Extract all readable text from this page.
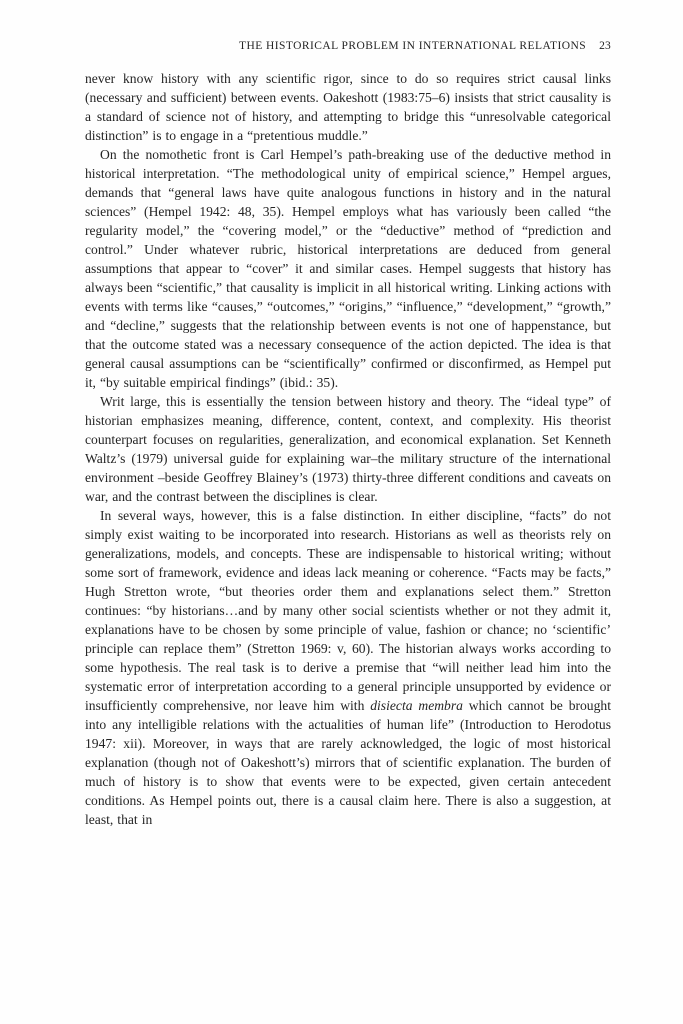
THE HISTORICAL PROBLEM IN INTERNATIONAL RELATIONS 23

never know history with any scientific rigor, since to do so requires strict causal links (necessary and sufficient) between events. Oakeshott (1983:75–6) insists that strict causality is a standard of science not of history, and attempting to bridge this “unresolvable categorical distinction” is to engage in a “pretentious muddle.”

On the nomothetic front is Carl Hempel’s path-breaking use of the deductive method in historical interpretation. “The methodological unity of empirical science,” Hempel argues, demands that “general laws have quite analogous functions in history and in the natural sciences” (Hempel 1942: 48, 35). Hempel employs what has variously been called “the regularity model,” the “covering model,” or the “deductive” method of “prediction and control.” Under whatever rubric, historical interpretations are deduced from general assumptions that appear to “cover” it and similar cases. Hempel suggests that history has always been “scientific,” that causality is implicit in all historical writing. Linking actions with events with terms like “causes,” “outcomes,” “origins,” “influence,” “development,” “growth,” and “decline,” suggests that the relationship between events is not one of happenstance, but that the outcome stated was a necessary consequence of the action depicted. The idea is that general causal assumptions can be “scientifically” confirmed or disconfirmed, as Hempel put it, “by suitable empirical findings” (ibid.: 35).

Writ large, this is essentially the tension between history and theory. The “ideal type” of historian emphasizes meaning, difference, content, context, and complexity. His theorist counterpart focuses on regularities, generalization, and economical explanation. Set Kenneth Waltz’s (1979) universal guide for explaining war–the military structure of the international environment –beside Geoffrey Blainey’s (1973) thirty-three different conditions and caveats on war, and the contrast between the disciplines is clear.

In several ways, however, this is a false distinction. In either discipline, “facts” do not simply exist waiting to be incorporated into research. Historians as well as theorists rely on generalizations, models, and concepts. These are indispensable to historical writing; without some sort of framework, evidence and ideas lack meaning or coherence. “Facts may be facts,” Hugh Stretton wrote, “but theories order them and explanations select them.” Stretton continues: “by historians…and by many other social scientists whether or not they admit it, explanations have to be chosen by some principle of value, fashion or chance; no ‘scientific’ principle can replace them” (Stretton 1969: v, 60). The historian always works according to some hypothesis. The real task is to derive a premise that “will neither lead him into the systematic error of interpretation according to a general principle unsupported by evidence or insufficiently comprehensive, nor leave him with disiecta membra which cannot be brought into any intelligible relations with the actualities of human life” (Introduction to Herodotus 1947: xii). Moreover, in ways that are rarely acknowledged, the logic of most historical explanation (though not of Oakeshott’s) mirrors that of scientific explanation. The burden of much of history is to show that events were to be expected, given certain antecedent conditions. As Hempel points out, there is a causal claim here. There is also a suggestion, at least, that in
